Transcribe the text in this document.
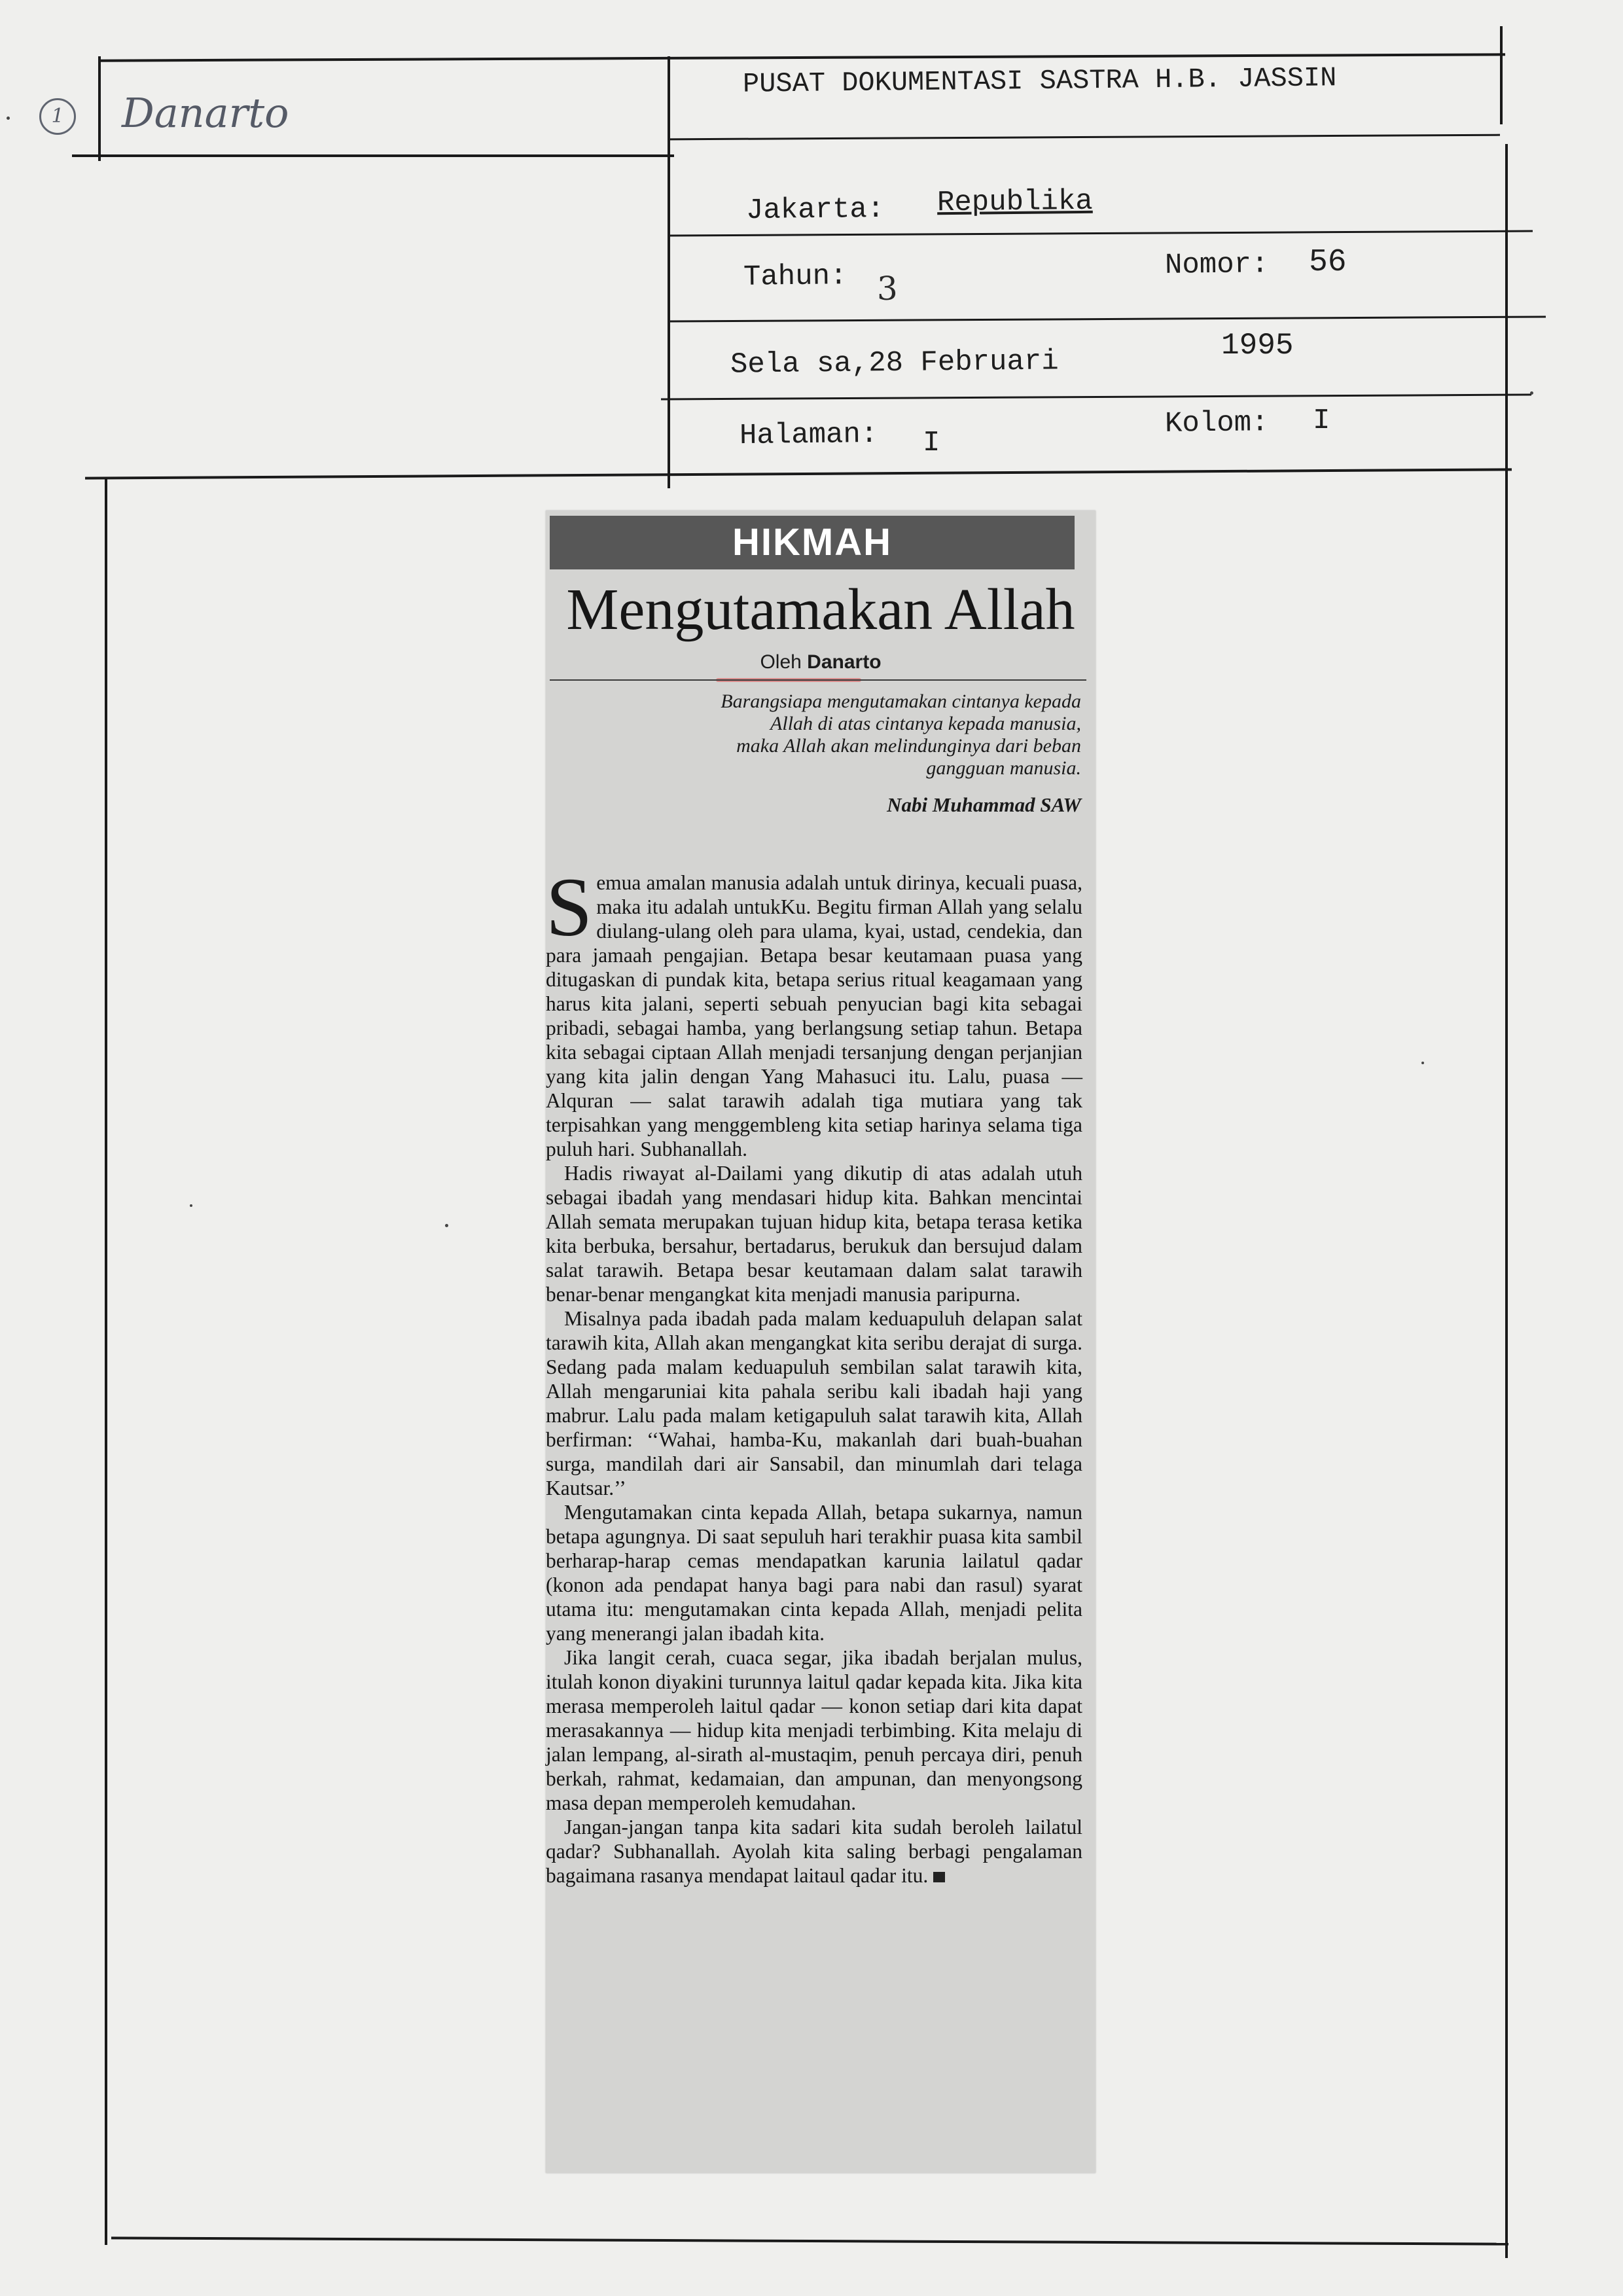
1 Danarto
PUSAT DOKUMENTASI SASTRA H.B. JASSIN
Jakarta: Republika
Tahun: 3
Nomor: 56
Sela sa,28 Februari	1995
Halaman: I
Kolom: I
HIKMAH
Mengutamakan Allah
Oleh Danarto

Barangsiapa mengutamakan cintanya kepada

Allah di atas cintanya kepada manusia,

maka Allah akan melindunginya dari beban

gangguan manusia.

Nabi Muhammad SAW

Semua amalan manusia adalah untuk dirinya, kecuali puasa, maka itu adalah untukKu. Begitu firman Allah yang selalu diulang-ulang oleh para ulama, kyai, ustad, cendekia, dan para jamaah pengajian. Betapa besar keutamaan puasa yang ditugaskan di pundak kita, betapa serius ritual keagamaan yang harus kita jalani, seperti sebuah penyucian bagi kita sebagai pribadi, sebagai hamba, yang berlangsung setiap tahun. Betapa kita sebagai ciptaan Allah menjadi tersanjung dengan perjanjian yang kita jalin dengan Yang Mahasuci itu. Lalu, puasa — Alquran — salat tarawih adalah tiga mutiara yang tak terpisahkan yang menggembleng kita setiap harinya selama tiga puluh hari. Subhanallah.

Hadis riwayat al-Dailami yang dikutip di atas adalah utuh sebagai ibadah yang mendasari hidup kita. Bahkan mencintai Allah semata merupakan tujuan hidup kita, betapa terasa ketika kita berbuka, bersahur, bertadarus, berukuk dan bersujud dalam salat tarawih. Betapa besar keutamaan dalam salat tarawih benar-benar mengangkat kita menjadi manusia paripurna.

Misalnya pada ibadah pada malam keduapuluh delapan salat tarawih kita, Allah akan mengangkat kita seribu derajat di surga. Sedang pada malam keduapuluh sembilan salat tarawih kita, Allah mengaruniai kita pahala seribu kali ibadah haji yang mabrur. Lalu pada malam ketigapuluh salat tarawih kita, Allah berfirman: ‘‘Wahai, hamba-Ku, makanlah dari buah-buahan surga, mandilah dari air Sansabil, dan minumlah dari telaga Kautsar.’’

Mengutamakan cinta kepada Allah, betapa sukarnya, namun betapa agungnya. Di saat sepuluh hari terakhir puasa kita sambil berharap-harap cemas mendapatkan karunia lailatul qadar (konon ada pendapat hanya bagi para nabi dan rasul) syarat utama itu: mengutamakan cinta kepada Allah, menjadi pelita yang menerangi jalan ibadah kita.

Jika langit cerah, cuaca segar, jika ibadah berjalan mulus, itulah konon diyakini turunnya laitul qadar kepada kita. Jika kita merasa memperoleh laitul qadar — konon setiap dari kita dapat merasakannya — hidup kita menjadi terbimbing. Kita melaju di jalan lempang, al-sirath al-mustaqim, penuh percaya diri, penuh berkah, rahmat, kedamaian, dan ampunan, dan menyongsong masa depan memperoleh kemudahan.

Jangan-jangan tanpa kita sadari kita sudah beroleh lailatul qadar? Subhanallah. Ayolah kita saling berbagi pengalaman bagaimana rasanya mendapat laitaul qadar itu.
